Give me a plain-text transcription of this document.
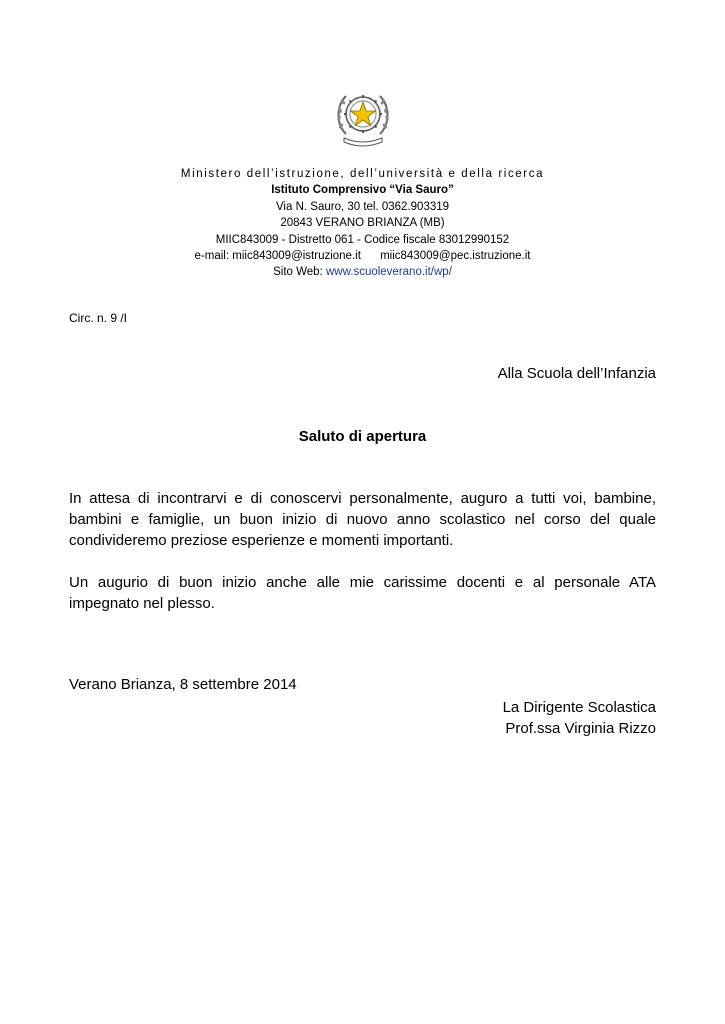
Ministero dell’istruzione, dell’università e della ricerca
Istituto Comprensivo “Via Sauro”
Via N. Sauro, 30 tel. 0362.903319
20843 VERANO BRIANZA (MB)
MIIC843009 - Distretto 061 - Codice fiscale 83012990152
e-mail: miic843009@istruzione.it miic843009@pec.istruzione.it
Sito Web: www.scuoleverano.it/wp/
Circ. n. 9 /I
Alla Scuola dell’Infanzia
Saluto di apertura
In attesa di incontrarvi e di conoscervi personalmente, auguro a tutti voi, bambine, bambini e famiglie, un buon inizio di nuovo anno scolastico nel corso del quale condivideremo preziose esperienze e momenti importanti.
Un augurio di buon inizio anche alle mie carissime docenti e al personale ATA impegnato nel plesso.
Verano Brianza, 8 settembre 2014
La Dirigente Scolastica
Prof.ssa Virginia Rizzo
